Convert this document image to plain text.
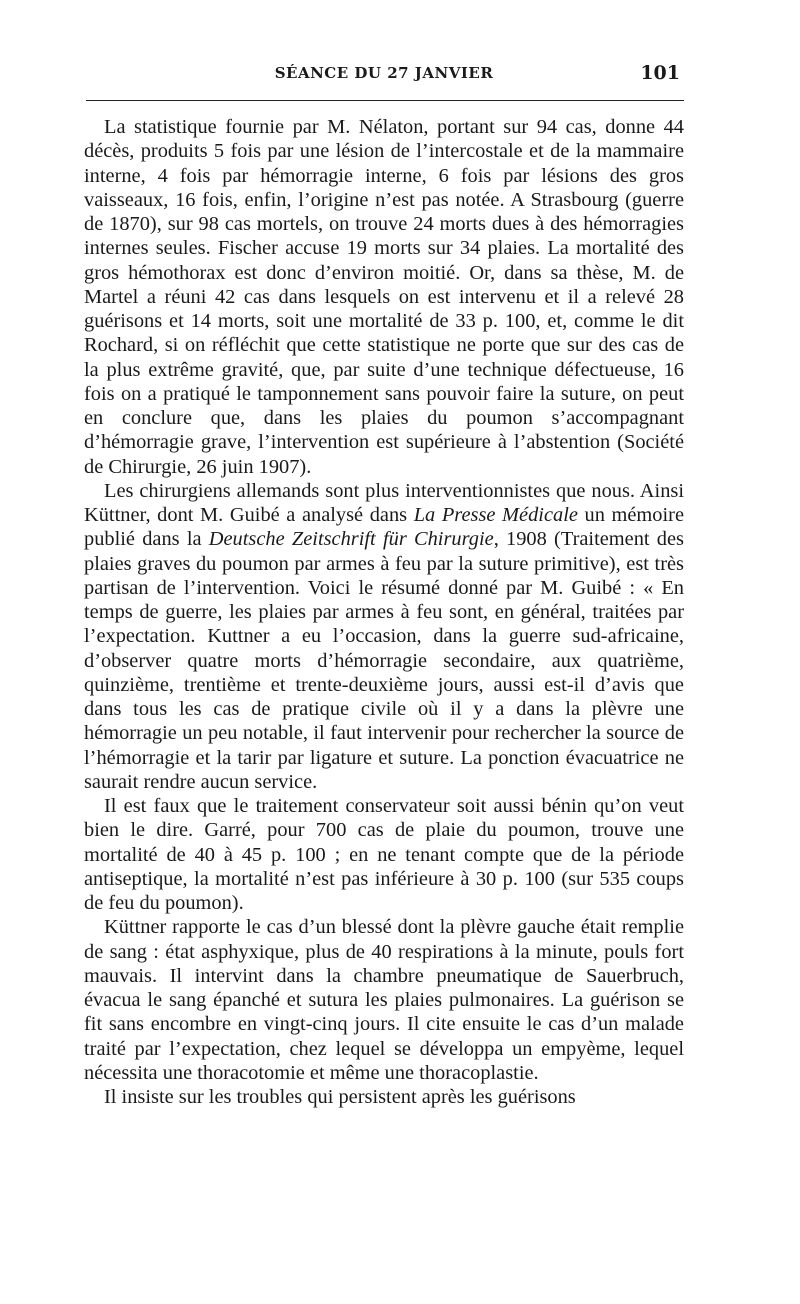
SÉANCE DU 27 JANVIER	101

La statistique fournie par M. Nélaton, portant sur 94 cas, donne 44 décès, produits 5 fois par une lésion de l’intercostale et de la mammaire interne, 4 fois par hémorragie interne, 6 fois par lésions des gros vaisseaux, 16 fois, enfin, l’origine n’est pas notée. A Strasbourg (guerre de 1870), sur 98 cas mortels, on trouve 24 morts dues à des hémorragies internes seules. Fischer accuse 19 morts sur 34 plaies. La mortalité des gros hémothorax est donc d’environ moitié. Or, dans sa thèse, M. de Martel a réuni 42 cas dans lesquels on est intervenu et il a relevé 28 guérisons et 14 morts, soit une mortalité de 33 p. 100, et, comme le dit Rochard, si on réfléchit que cette statistique ne porte que sur des cas de la plus extrême gravité, que, par suite d’une technique défectueuse, 16 fois on a pratiqué le tamponnement sans pouvoir faire la suture, on peut en conclure que, dans les plaies du poumon s’accompagnant d’hémorragie grave, l’intervention est supérieure à l’abstention (Société de Chirurgie, 26 juin 1907).

Les chirurgiens allemands sont plus interventionnistes que nous. Ainsi Küttner, dont M. Guibé a analysé dans La Presse Médicale un mémoire publié dans la Deutsche Zeitschrift für Chirurgie, 1908 (Traitement des plaies graves du poumon par armes à feu par la suture primitive), est très partisan de l’intervention. Voici le résumé donné par M. Guibé : « En temps de guerre, les plaies par armes à feu sont, en général, traitées par l’expectation. Kuttner a eu l’occasion, dans la guerre sud-africaine, d’observer quatre morts d’hémorragie secondaire, aux quatrième, quinzième, trentième et trente-deuxième jours, aussi est-il d’avis que dans tous les cas de pratique civile où il y a dans la plèvre une hémorragie un peu notable, il faut intervenir pour rechercher la source de l’hémorragie et la tarir par ligature et suture. La ponction évacuatrice ne saurait rendre aucun service.

Il est faux que le traitement conservateur soit aussi bénin qu’on veut bien le dire. Garré, pour 700 cas de plaie du poumon, trouve une mortalité de 40 à 45 p. 100 ; en ne tenant compte que de la période antiseptique, la mortalité n’est pas inférieure à 30 p. 100 (sur 535 coups de feu du poumon).

Küttner rapporte le cas d’un blessé dont la plèvre gauche était remplie de sang : état asphyxique, plus de 40 respirations à la minute, pouls fort mauvais. Il intervint dans la chambre pneumatique de Sauerbruch, évacua le sang épanché et sutura les plaies pulmonaires. La guérison se fit sans encombre en vingt-cinq jours. Il cite ensuite le cas d’un malade traité par l’expectation, chez lequel se développa un empyème, lequel nécessita une thoracotomie et même une thoracoplastie.

Il insiste sur les troubles qui persistent après les guérisons
